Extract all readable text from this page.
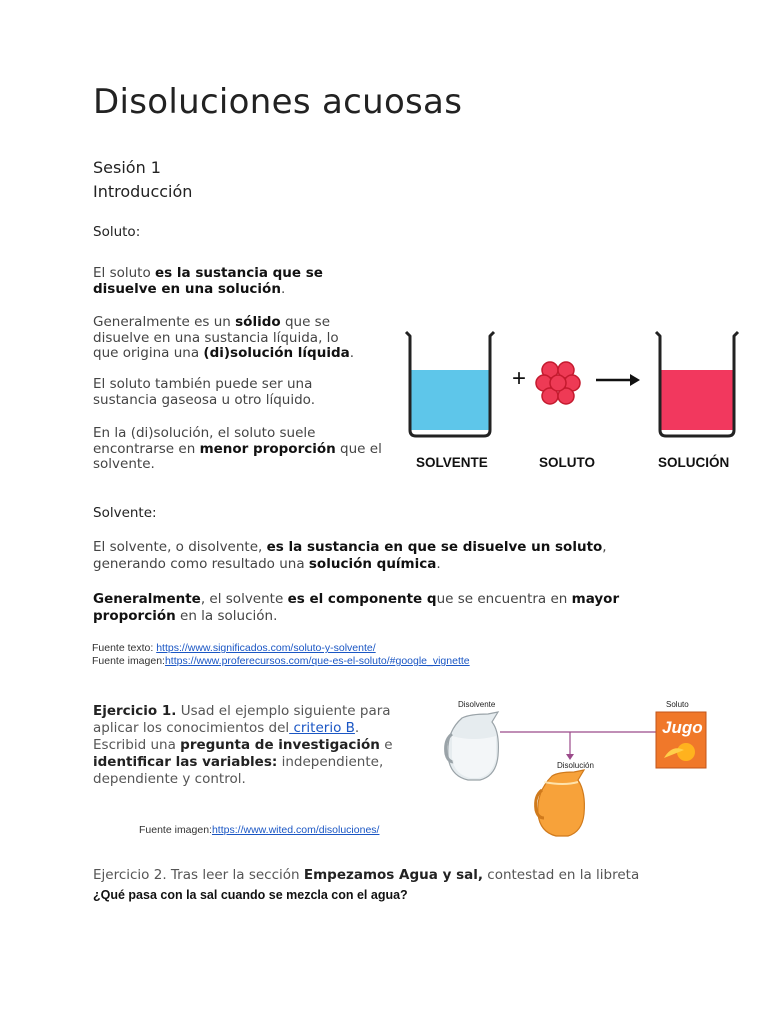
Disoluciones acuosas
Sesión 1
Introducción
Soluto:
El soluto es la sustancia que se disuelve en una solución.
Generalmente es un sólido que se disuelve en una sustancia líquida, lo que origina una (di)solución líquida.
El soluto también puede ser una sustancia gaseosa u otro líquido.
En la (di)solución, el soluto suele encontrarse en menor proporción que el solvente.
+
SOLVENTE	SOLUTO	SOLUCIÓN
Solvente:
El solvente, o disolvente, es la sustancia en que se disuelve un soluto, generando como resultado una solución química.
Generalmente, el solvente es el componente que se encuentra en mayor proporción en la solución.
Fuente texto: https://www.significados.com/soluto-y-solvente/
Fuente imagen:https://www.proferecursos.com/que-es-el-soluto/#google_vignette
Ejercicio 1. Usad el ejemplo siguiente para aplicar los conocimientos del criterio B. Escribid una pregunta de investigación e identificar las variables: independiente, dependiente y control.
Disolvente	Soluto
Jugo
Disolución
Fuente imagen:https://www.wited.com/disoluciones/
Ejercicio 2. Tras leer la sección Empezamos Agua y sal, contestad en la libreta
¿Qué pasa con la sal cuando se mezcla con el agua?
